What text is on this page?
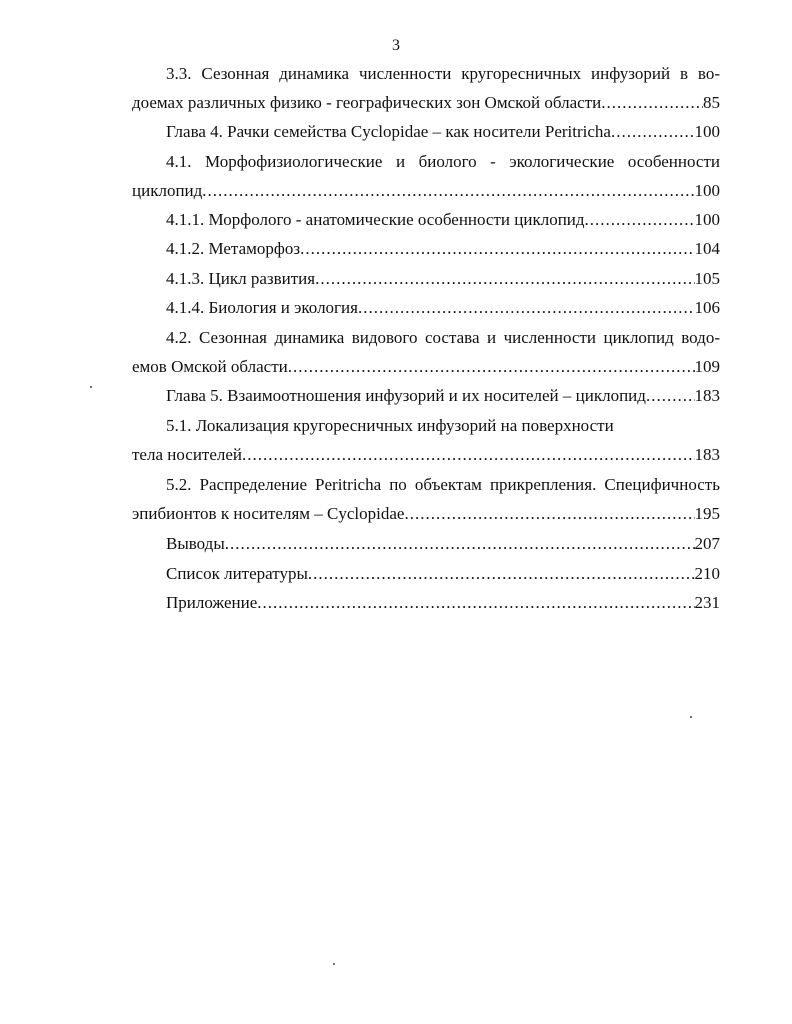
3
3.3. Сезонная динамика численности кругоресничных инфузорий в во-
доемах различных физико - географических зон Омской области .....	85
Глава 4. Рачки семейства Cyclopidae – как носители Peritricha .....	100
4.1. Морфофизиологические и биолого - экологические особенности
циклопид .....	100
4.1.1. Морфолого - анатомические особенности циклопид .....	100
4.1.2. Метаморфоз .....	104
4.1.3. Цикл развития .....	105
4.1.4. Биология и экология .....	106
4.2. Сезонная динамика видового состава и численности циклопид водо-
емов Омской области .....	109
Глава 5. Взаимоотношения инфузорий и их носителей – циклопид .....	183
5.1. Локализация кругоресничных инфузорий на поверхности
тела носителей .....	183
5.2. Распределение Peritricha по объектам прикрепления. Специфичность
эпибионтов к носителям – Cyclopidae .....	195
Выводы .....	207
Список литературы .....	210
Приложение .....	231
